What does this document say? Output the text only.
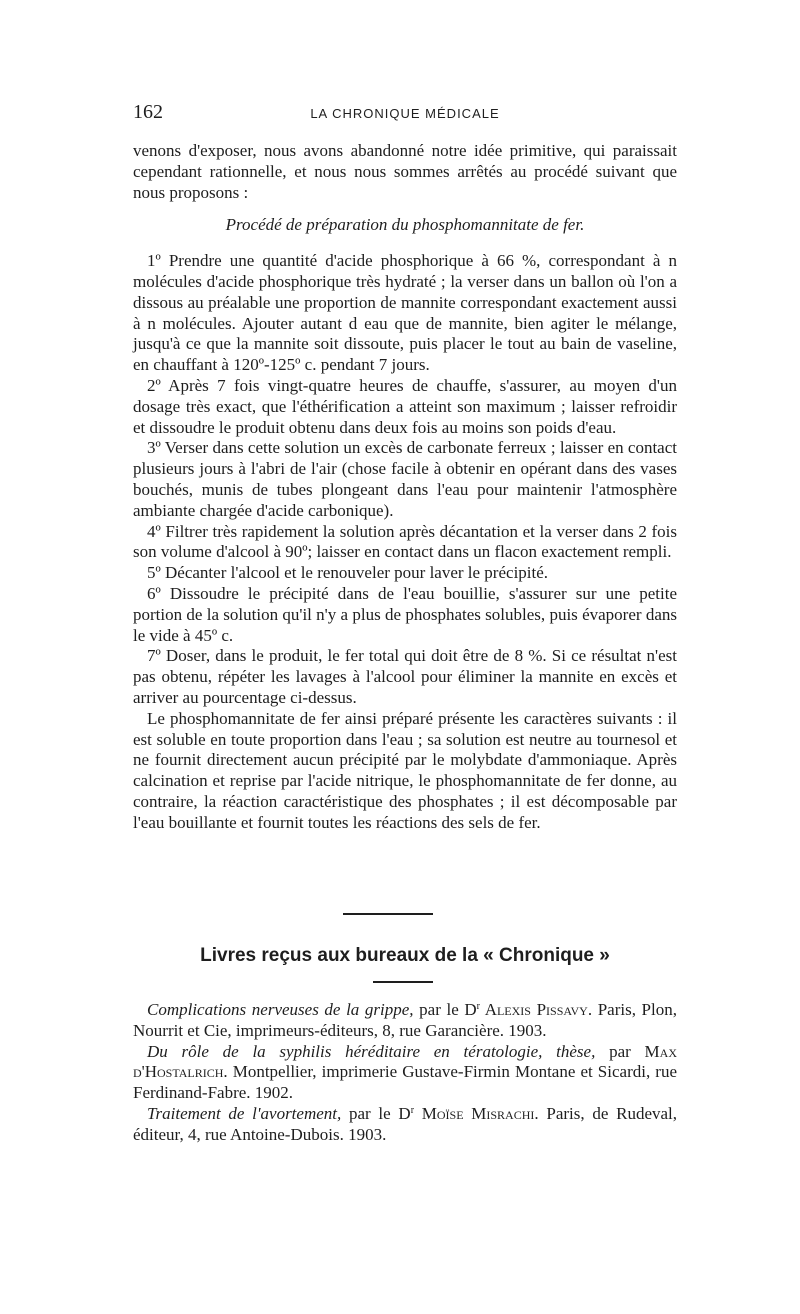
162	LA CHRONIQUE MÉDICALE

venons d'exposer, nous avons abandonné notre idée primitive, qui paraissait cependant rationnelle, et nous nous sommes arrêtés au procédé suivant que nous proposons :

Procédé de préparation du phosphomannitate de fer.

1º Prendre une quantité d'acide phosphorique à 66 %, correspondant à n molécules d'acide phosphorique très hydraté ; la verser dans un ballon où l'on a dissous au préalable une proportion de mannite correspondant exactement aussi à n molécules. Ajouter autant d eau que de mannite, bien agiter le mélange, jusqu'à ce que la mannite soit dissoute, puis placer le tout au bain de vaseline, en chauffant à 120º-125º c. pendant 7 jours.

2º Après 7 fois vingt-quatre heures de chauffe, s'assurer, au moyen d'un dosage très exact, que l'éthérification a atteint son maximum ; laisser refroidir et dissoudre le produit obtenu dans deux fois au moins son poids d'eau.

3º Verser dans cette solution un excès de carbonate ferreux ; laisser en contact plusieurs jours à l'abri de l'air (chose facile à obtenir en opérant dans des vases bouchés, munis de tubes plongeant dans l'eau pour maintenir l'atmosphère ambiante chargée d'acide carbonique).

4º Filtrer très rapidement la solution après décantation et la verser dans 2 fois son volume d'alcool à 90º; laisser en contact dans un flacon exactement rempli.

5º Décanter l'alcool et le renouveler pour laver le précipité.

6º Dissoudre le précipité dans de l'eau bouillie, s'assurer sur une petite portion de la solution qu'il n'y a plus de phosphates solubles, puis évaporer dans le vide à 45º c.

7º Doser, dans le produit, le fer total qui doit être de 8 %. Si ce résultat n'est pas obtenu, répéter les lavages à l'alcool pour éliminer la mannite en excès et arriver au pourcentage ci-dessus.

Le phosphomannitate de fer ainsi préparé présente les caractères suivants : il est soluble en toute proportion dans l'eau ; sa solution est neutre au tournesol et ne fournit directement aucun précipité par le molybdate d'ammoniaque. Après calcination et reprise par l'acide nitrique, le phosphomannitate de fer donne, au contraire, la réaction caractéristique des phosphates ; il est décomposable par l'eau bouillante et fournit toutes les réactions des sels de fer.

Livres reçus aux bureaux de la « Chronique »

Complications nerveuses de la grippe, par le $D^r$ Alexis Pissavy. Paris, Plon, Nourrit et Cie, imprimeurs-éditeurs, 8, rue Garancière. 1903.

Du rôle de la syphilis héréditaire en tératologie, thèse, par Max d'Hostalrich. Montpellier, imprimerie Gustave-Firmin Montane et Sicardi, rue Ferdinand-Fabre. 1902.

Traitement de l'avortement, par le $D^r$ Moïse Misrachi. Paris, de Rudeval, éditeur, 4, rue Antoine-Dubois. 1903.
